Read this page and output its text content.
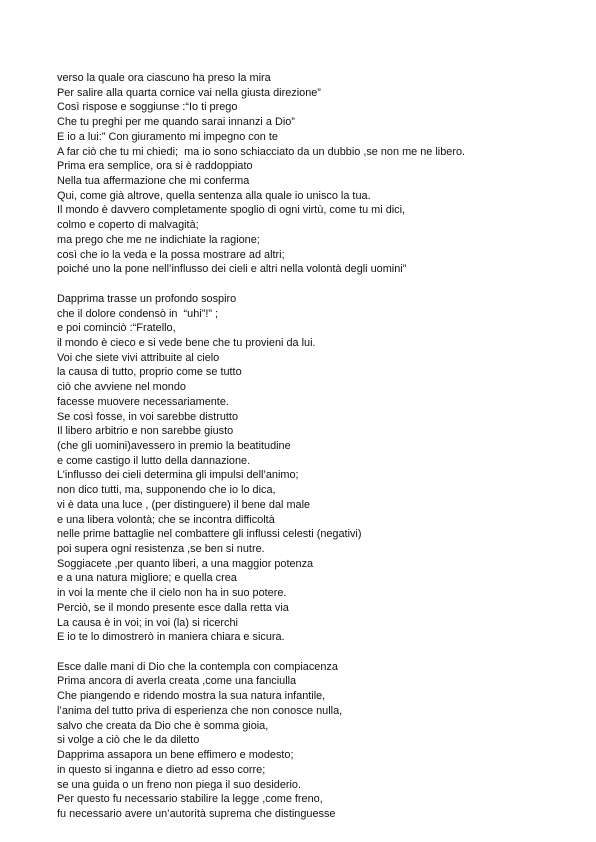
verso la quale ora ciascuno ha preso la mira
Per salire alla quarta cornice vai nella giusta direzione”
Così rispose e soggiunse :“Io ti prego
Che tu preghi per me quando sarai innanzi a Dio”
E io a lui:” Con giuramento mi impegno con te
A far ciò che tu mi chiedi;  ma io sono schiacciato da un dubbio ,se non me ne libero.
Prima era semplice, ora si è raddoppiato
Nella tua affermazione che mi conferma
Qui, come già altrove, quella sentenza alla quale io unisco la tua.
Il mondo è davvero completamente spoglio di ogni virtù, come tu mi dici,
colmo e coperto di malvagità;
ma prego che me ne indichiate la ragione;
così che io la veda e la possa mostrare ad altri;
poiché uno la pone nell’influsso dei cieli e altri nella volontà degli uomini”
Dapprima trasse un profondo sospiro
che il dolore condensò in  “uhi”!” ;
e poi cominciò :“Fratello,
il mondo è cieco e si vede bene che tu provieni da lui.
Voi che siete vivi attribuite al cielo
la causa di tutto, proprio come se tutto
ciò che avviene nel mondo
facesse muovere necessariamente.
Se così fosse, in voi sarebbe distrutto
Il libero arbitrio e non sarebbe giusto
(che gli uomini)avessero in premio la beatitudine
e come castigo il lutto della dannazione.
L’influsso dei cieli determina gli impulsi dell’animo;
non dico tutti, ma, supponendo che io lo dica,
vi è data una luce , (per distinguere) il bene dal male
e una libera volontà; che se incontra difficoltà
nelle prime battaglie nel combattere gli influssi celesti (negativi)
poi supera ogni resistenza ,se ben si nutre.
Soggiacete ,per quanto liberi, a una maggior potenza
e a una natura migliore; e quella crea
in voi la mente che il cielo non ha in suo potere.
Perciò, se il mondo presente esce dalla retta via
La causa è in voi; in voi (la) si ricerchi
E io te lo dimostrerò in maniera chiara e sicura.
Esce dalle mani di Dio che la contempla con compiacenza
Prima ancora di averla creata ,come una fanciulla
Che piangendo e ridendo mostra la sua natura infantile,
l’anima del tutto priva di esperienza che non conosce nulla,
salvo che creata da Dio che è somma gioia,
si volge a ciò che le da diletto
Dapprima assapora un bene effimero e modesto;
in questo si inganna e dietro ad esso corre;
se una guida o un freno non piega il suo desiderio.
Per questo fu necessario stabilire la legge ,come freno,
fu necessario avere un’autorità suprema che distinguesse
